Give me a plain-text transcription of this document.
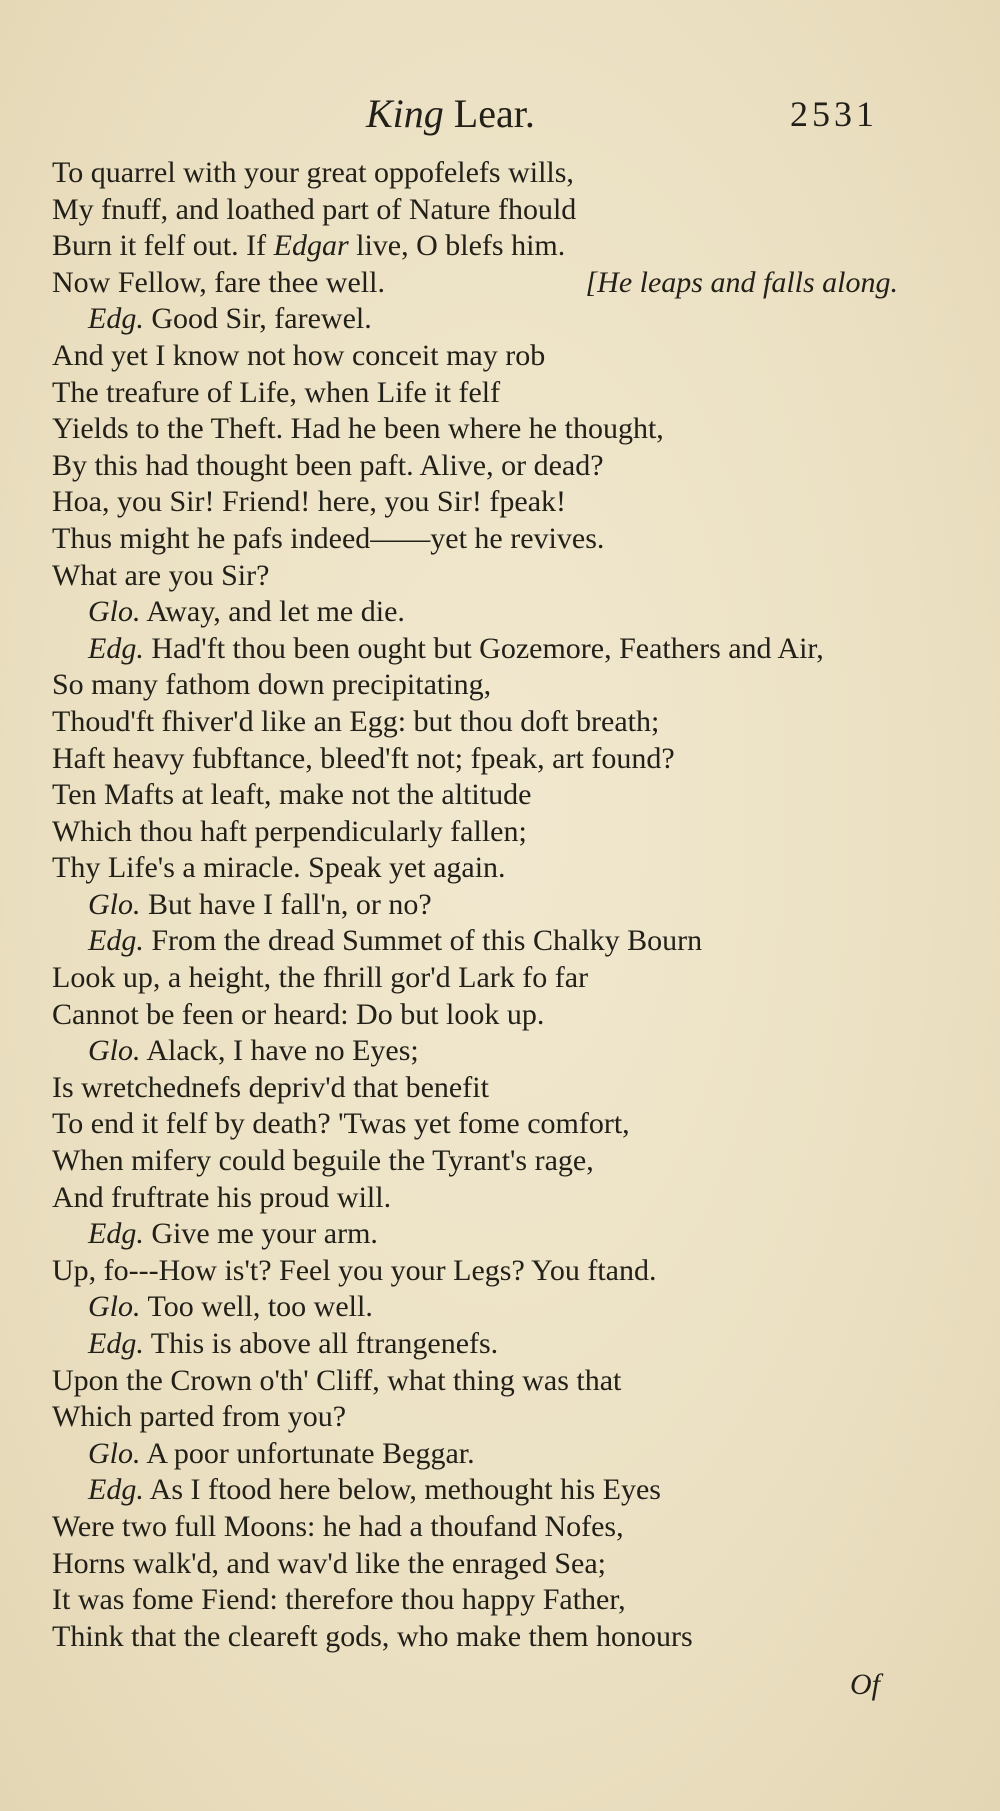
King Lear.	2531
To quarrel with your great oppofelefs wills,
My fnuff, and loathed part of Nature fhould
Burn it felf out. If Edgar live, O blefs him.
Now Fellow, fare thee well.	[He leaps and falls along.
Edg. Good Sir, farewel.
And yet I know not how conceit may rob
The treafure of Life, when Life it felf
Yields to the Theft. Had he been where he thought,
By this had thought been paft. Alive, or dead?
Hoa, you Sir! Friend! here, you Sir! fpeak!
Thus might he pafs indeed——yet he revives.
What are you Sir?
Glo. Away, and let me die.
Edg. Had'ft thou been ought but Gozemore, Feathers and Air,
So many fathom down precipitating,
Thoud'ft fhiver'd like an Egg: but thou doft breath;
Haft heavy fubftance, bleed'ft not; fpeak, art found?
Ten Mafts at leaft, make not the altitude
Which thou haft perpendicularly fallen;
Thy Life's a miracle. Speak yet again.
Glo. But have I fall'n, or no?
Edg. From the dread Summet of this Chalky Bourn
Look up, a height, the fhrill gor'd Lark fo far
Cannot be feen or heard: Do but look up.
Glo. Alack, I have no Eyes;
Is wretchednefs depriv'd that benefit
To end it felf by death? 'Twas yet fome comfort,
When mifery could beguile the Tyrant's rage,
And fruftrate his proud will.
Edg. Give me your arm.
Up, fo---How is't? Feel you your Legs? You ftand.
Glo. Too well, too well.
Edg. This is above all ftrangenefs.
Upon the Crown o'th' Cliff, what thing was that
Which parted from you?
Glo. A poor unfortunate Beggar.
Edg. As I ftood here below, methought his Eyes
Were two full Moons: he had a thoufand Nofes,
Horns walk'd, and wav'd like the enraged Sea;
It was fome Fiend: therefore thou happy Father,
Think that the cleareft gods, who make them honours
Of
